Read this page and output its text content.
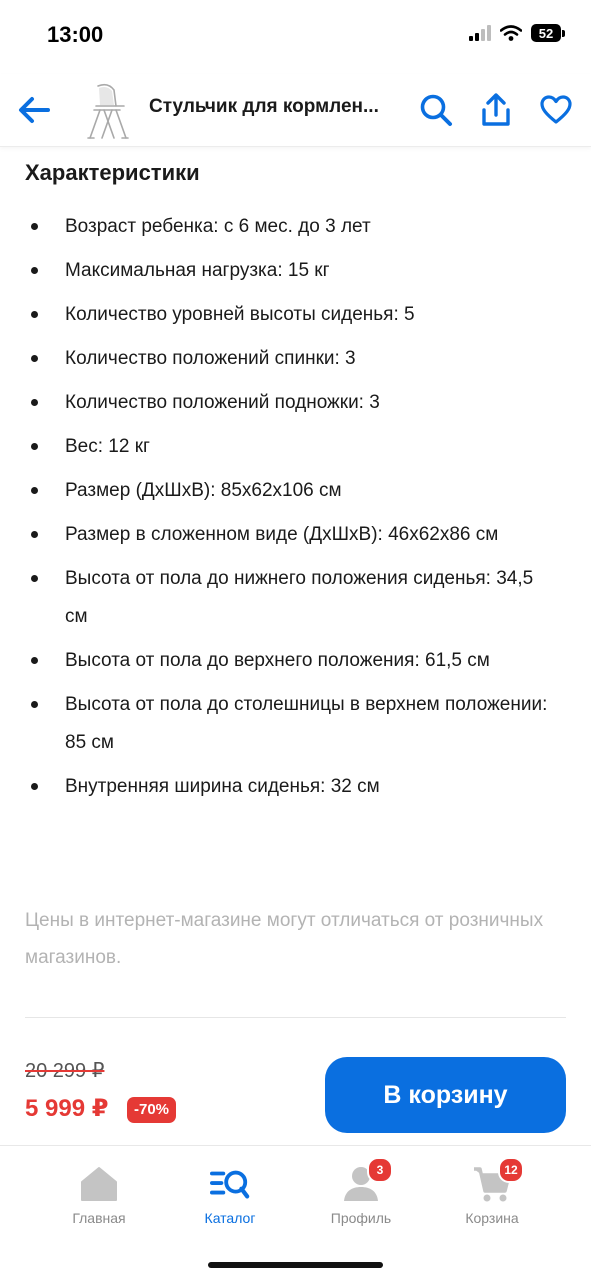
13:00	52
Стульчик для кормлен...
Характеристики
Возраст ребенка: с 6 мес. до 3 лет
Максимальная нагрузка: 15 кг
Количество уровней высоты сиденья: 5
Количество положений спинки: 3
Количество положений подножки: 3
Вес: 12 кг
Размер (ДхШхВ): 85х62х106 см
Размер в сложенном виде (ДхШхВ): 46х62х86 см
Высота от пола до нижнего положения сиденья: 34,5 см
Высота от пола до верхнего положения: 61,5 см
Высота от пола до столешницы в верхнем положении: 85 см
Внутренняя ширина сиденья: 32 см

Цены в интернет-магазине могут отличаться от розничных магазинов.

20 299 ₽
5 999 ₽	-70%
В корзину
Главная	Каталог
3
Профиль
12
Корзина
